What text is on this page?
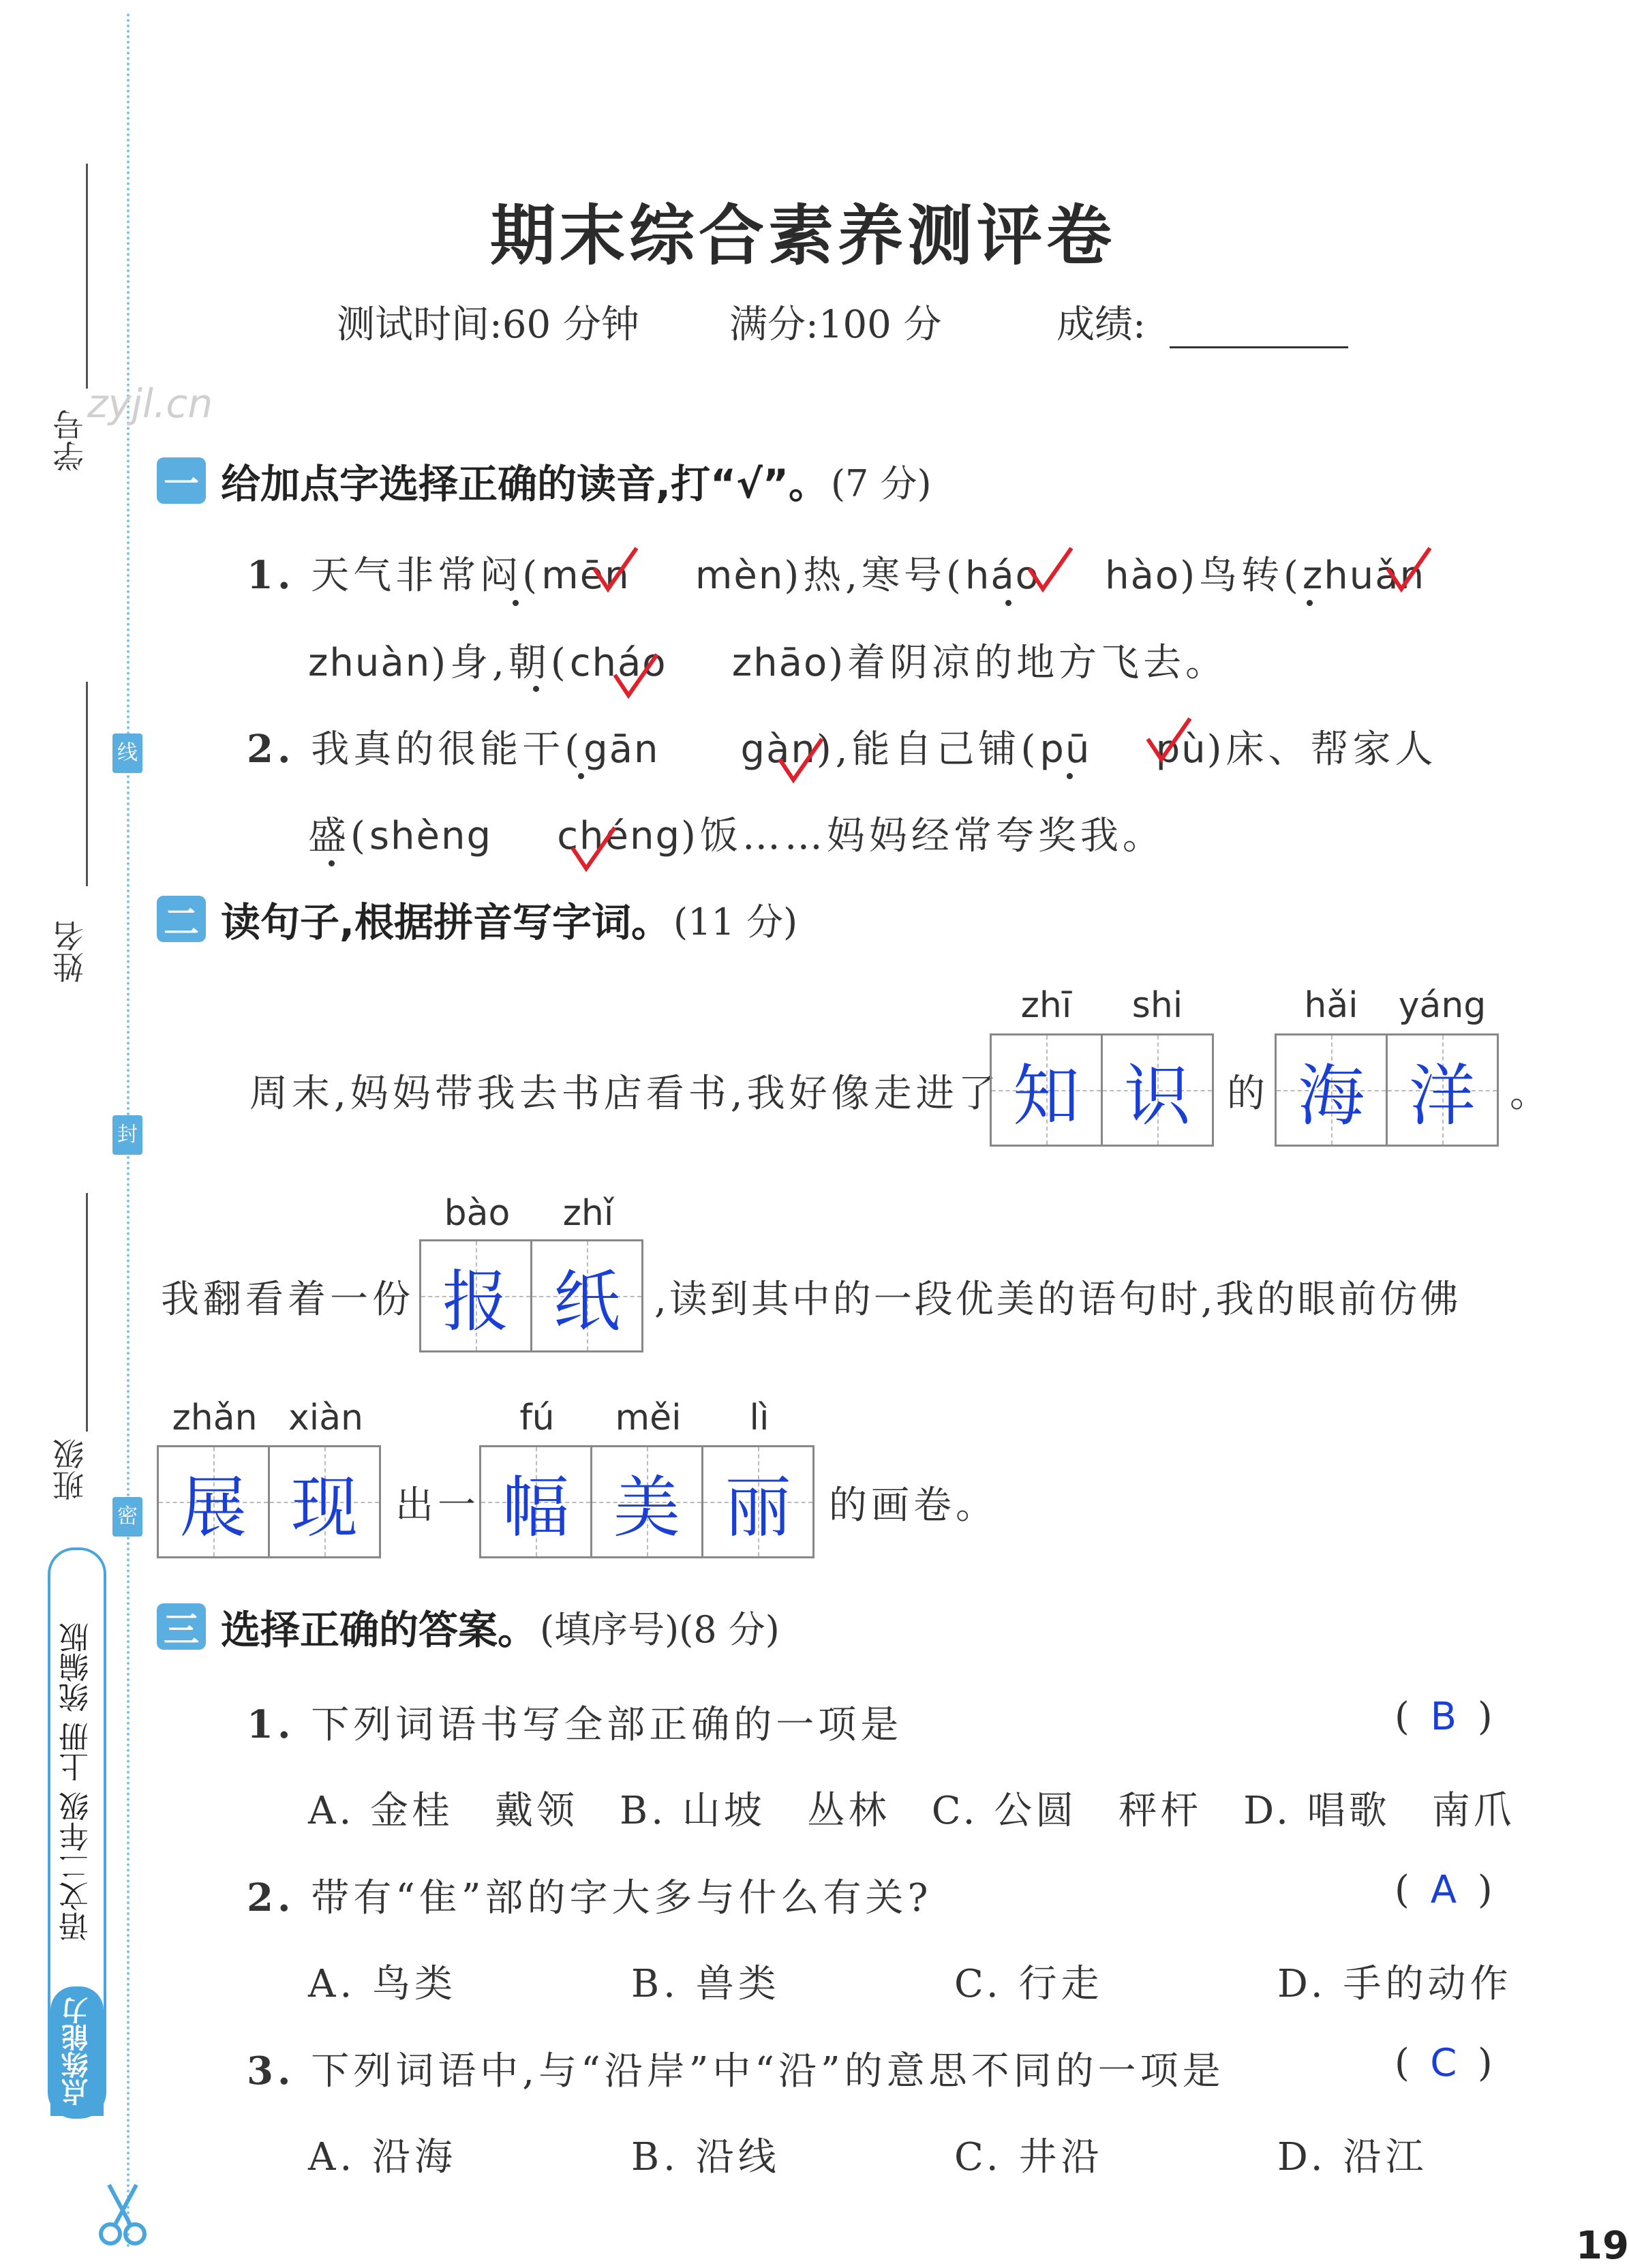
学号
姓名
班级
线
封
密
zyjl.cn
语文二年级 上册 统编版
点练能力
期末综合素养测评卷
测试时间:60 分钟 满分:100 分	成绩:
一 给加点字选择正确的读音,打“√”。 (7 分)
1. 天气非常闷(mēn mèn)热,寒号(háo hào)鸟转(zhuǎn
zhuàn)身,朝(cháo zhāo)着阴凉的地方飞去。
2. 我真的很能干(gān gàn),能自己铺(pū pù)床、帮家人
盛(shèng chéng)饭……妈妈经常夸奖我。
二 读句子,根据拼音写字词。 (11 分)
zhī	shi	hǎi	yáng
周末,妈妈带我去书店看书,我好像走进了 知 识 的 海 洋 。
bào	zhǐ
我翻看着一份 报 纸 ,读到其中的一段优美的语句时,我的眼前仿佛
zhǎn xiàn
展 现 出一
fú	měi	lì
幅 美 丽 的画卷。
三 选择正确的答案。 (填序号)(8 分)
1. 下列词语书写全部正确的一项是	( B )
A. 金桂　戴领　B. 山坡　丛林　C. 公圆　秤杆　D. 唱歌　南爪
2. 带有“隹”部的字大多与什么有关?	( A )
A. 鸟类	B. 兽类	C. 行走	D. 手的动作
3. 下列词语中,与“沿岸”中“沿”的意思不同的一项是	( C )
A. 沿海	B. 沿线	C. 井沿	D. 沿江
19
